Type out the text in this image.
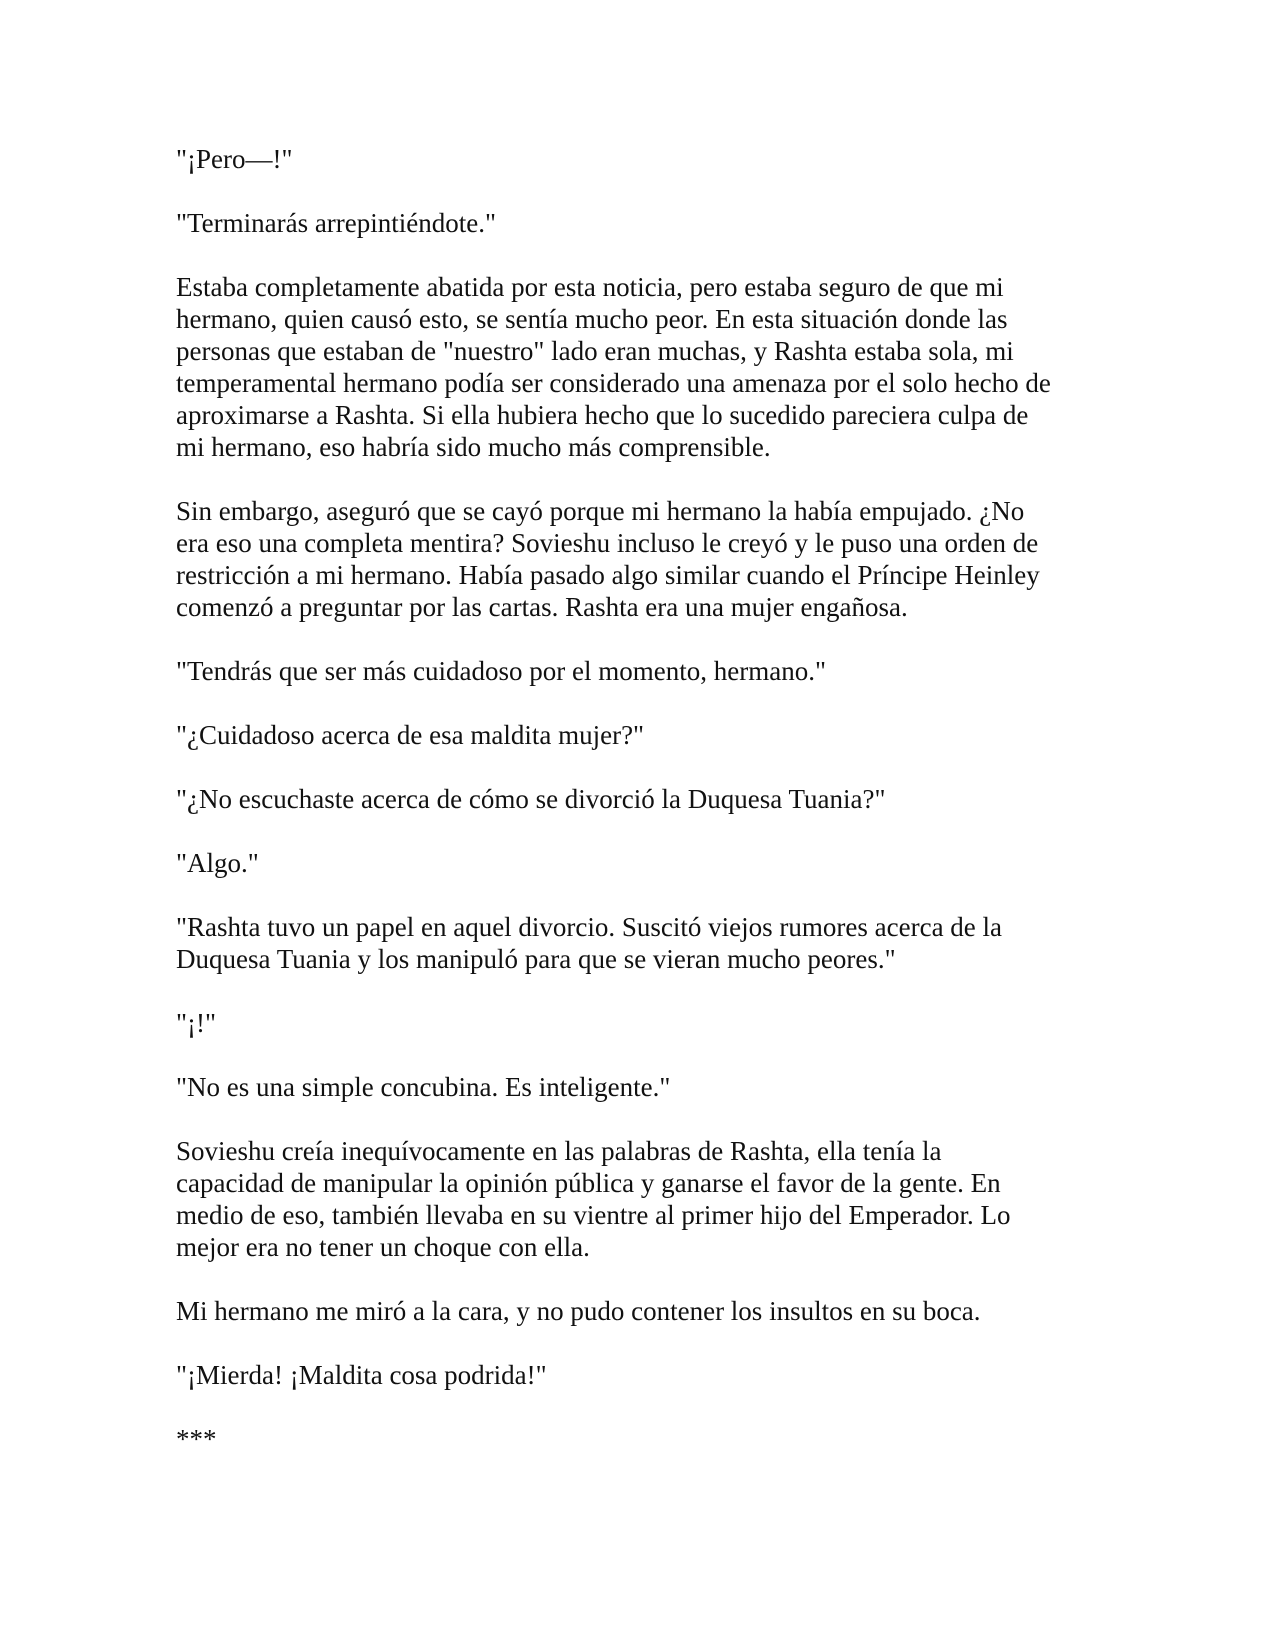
"¡Pero—!"

"Terminarás arrepintiéndote."

Estaba completamente abatida por esta noticia, pero estaba seguro de que mi
hermano, quien causó esto, se sentía mucho peor. En esta situación donde las
personas que estaban de "nuestro" lado eran muchas, y Rashta estaba sola, mi
temperamental hermano podía ser considerado una amenaza por el solo hecho de
aproximarse a Rashta. Si ella hubiera hecho que lo sucedido pareciera culpa de
mi hermano, eso habría sido mucho más comprensible.

Sin embargo, aseguró que se cayó porque mi hermano la había empujado. ¿No
era eso una completa mentira? Sovieshu incluso le creyó y le puso una orden de
restricción a mi hermano. Había pasado algo similar cuando el Príncipe Heinley
comenzó a preguntar por las cartas. Rashta era una mujer engañosa.

"Tendrás que ser más cuidadoso por el momento, hermano."

"¿Cuidadoso acerca de esa maldita mujer?"

"¿No escuchaste acerca de cómo se divorció la Duquesa Tuania?"

"Algo."

"Rashta tuvo un papel en aquel divorcio. Suscitó viejos rumores acerca de la
Duquesa Tuania y los manipuló para que se vieran mucho peores."

"¡!"

"No es una simple concubina. Es inteligente."

Sovieshu creía inequívocamente en las palabras de Rashta, ella tenía la
capacidad de manipular la opinión pública y ganarse el favor de la gente. En
medio de eso, también llevaba en su vientre al primer hijo del Emperador. Lo
mejor era no tener un choque con ella.

Mi hermano me miró a la cara, y no pudo contener los insultos en su boca.

"¡Mierda! ¡Maldita cosa podrida!"

***
